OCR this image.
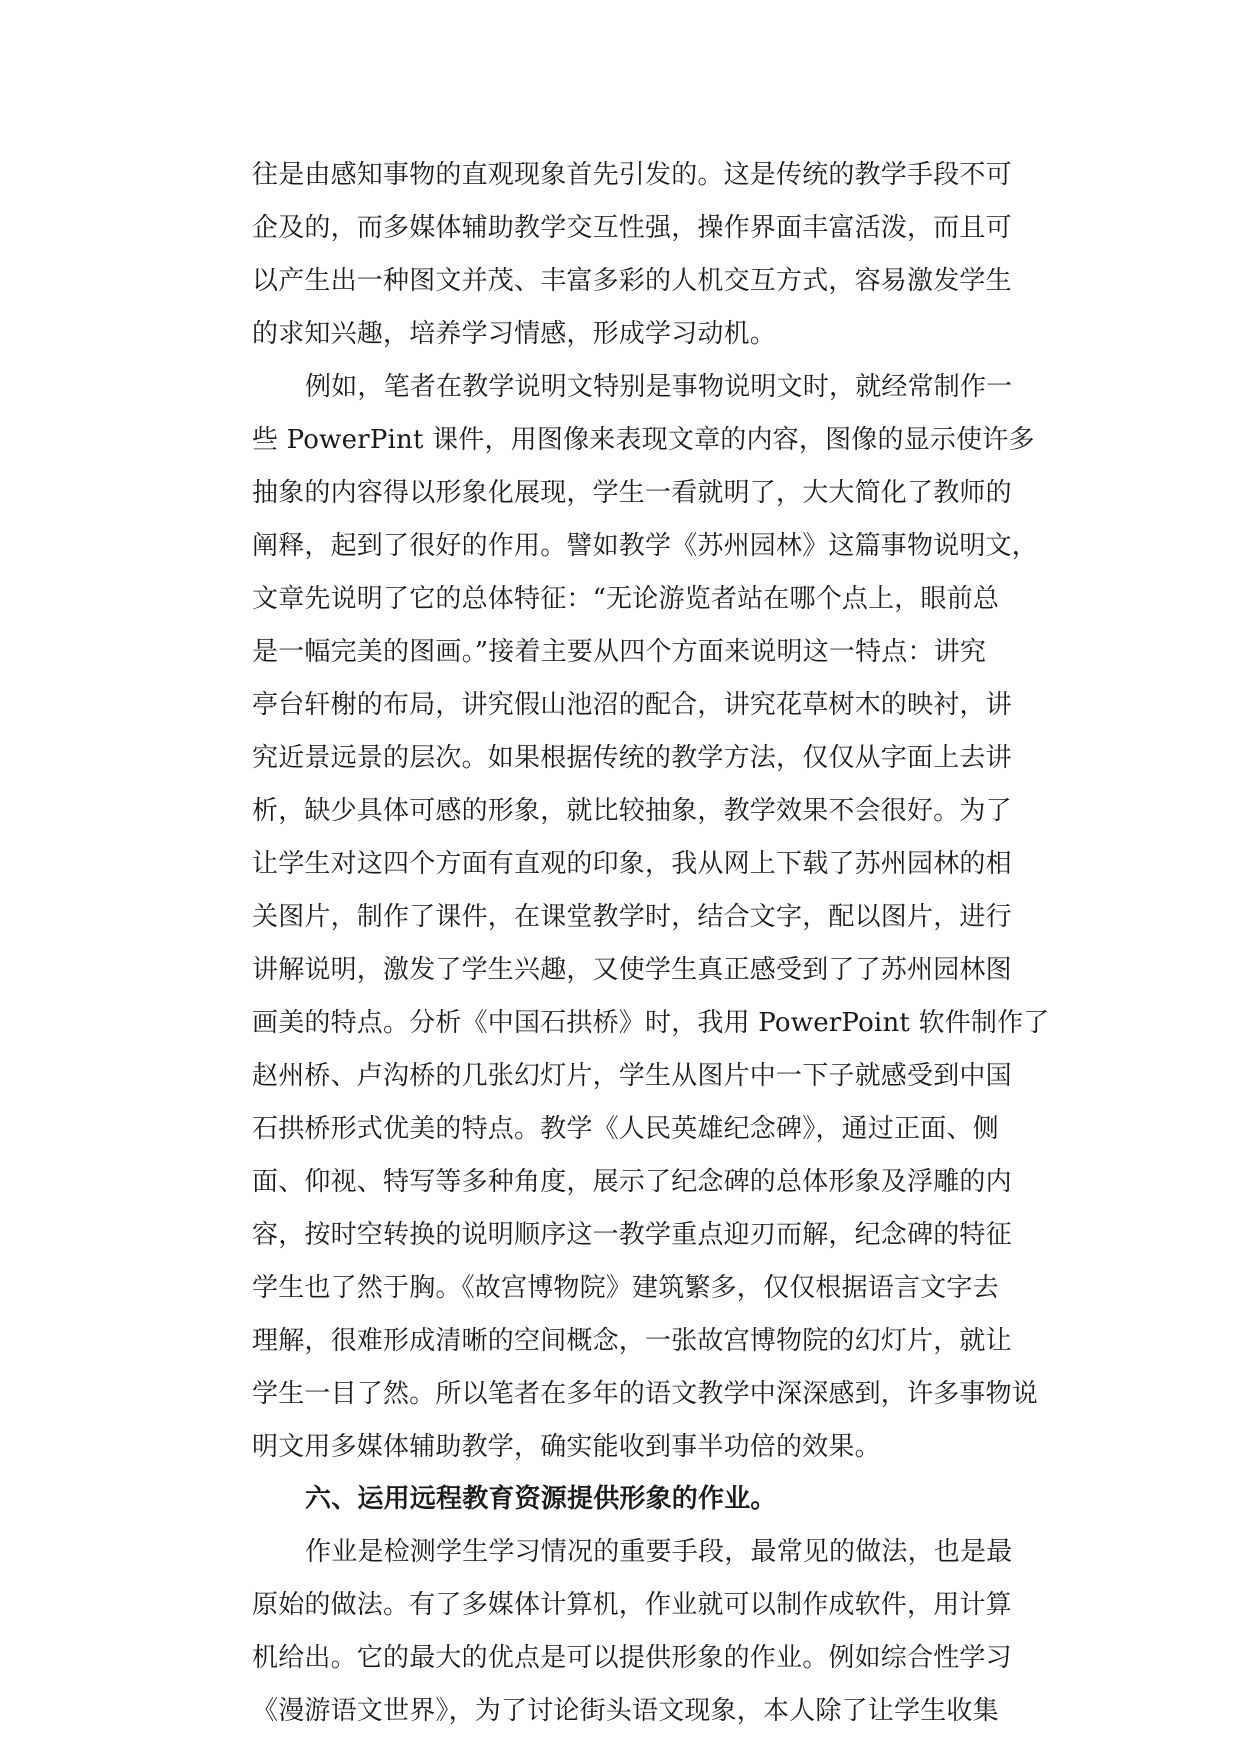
往是由感知事物的直观现象首先引发的。这是传统的教学手段不可
企及的，而多媒体辅助教学交互性强，操作界面丰富活泼，而且可
以产生出一种图文并茂、丰富多彩的人机交互方式，容易激发学生
的求知兴趣，培养学习情感，形成学习动机。
例如，笔者在教学说明文特别是事物说明文时，就经常制作一
些 PowerPint 课件，用图像来表现文章的内容，图像的显示使许多
抽象的内容得以形象化展现，学生一看就明了，大大简化了教师的
阐释，起到了很好的作用。譬如教学《苏州园林》这篇事物说明文，
文章先说明了它的总体特征：“无论游览者站在哪个点上，眼前总
是一幅完美的图画。”接着主要从四个方面来说明这一特点：讲究
亭台轩榭的布局，讲究假山池沼的配合，讲究花草树木的映衬，讲
究近景远景的层次。如果根据传统的教学方法，仅仅从字面上去讲
析，缺少具体可感的形象，就比较抽象，教学效果不会很好。为了
让学生对这四个方面有直观的印象，我从网上下载了苏州园林的相
关图片，制作了课件，在课堂教学时，结合文字，配以图片，进行
讲解说明，激发了学生兴趣，又使学生真正感受到了了苏州园林图
画美的特点。分析《中国石拱桥》时，我用 PowerPoint 软件制作了
赵州桥、卢沟桥的几张幻灯片，学生从图片中一下子就感受到中国
石拱桥形式优美的特点。教学《人民英雄纪念碑》，通过正面、侧
面、仰视、特写等多种角度，展示了纪念碑的总体形象及浮雕的内
容，按时空转换的说明顺序这一教学重点迎刃而解，纪念碑的特征
学生也了然于胸。《故宫博物院》建筑繁多，仅仅根据语言文字去
理解，很难形成清晰的空间概念，一张故宫博物院的幻灯片，就让
学生一目了然。所以笔者在多年的语文教学中深深感到，许多事物说
明文用多媒体辅助教学，确实能收到事半功倍的效果。
六、运用远程教育资源提供形象的作业。
作业是检测学生学习情况的重要手段，最常见的做法，也是最
原始的做法。有了多媒体计算机，作业就可以制作成软件，用计算
机给出。它的最大的优点是可以提供形象的作业。例如综合性学习
《漫游语文世界》，为了讨论街头语文现象，本人除了让学生收集
